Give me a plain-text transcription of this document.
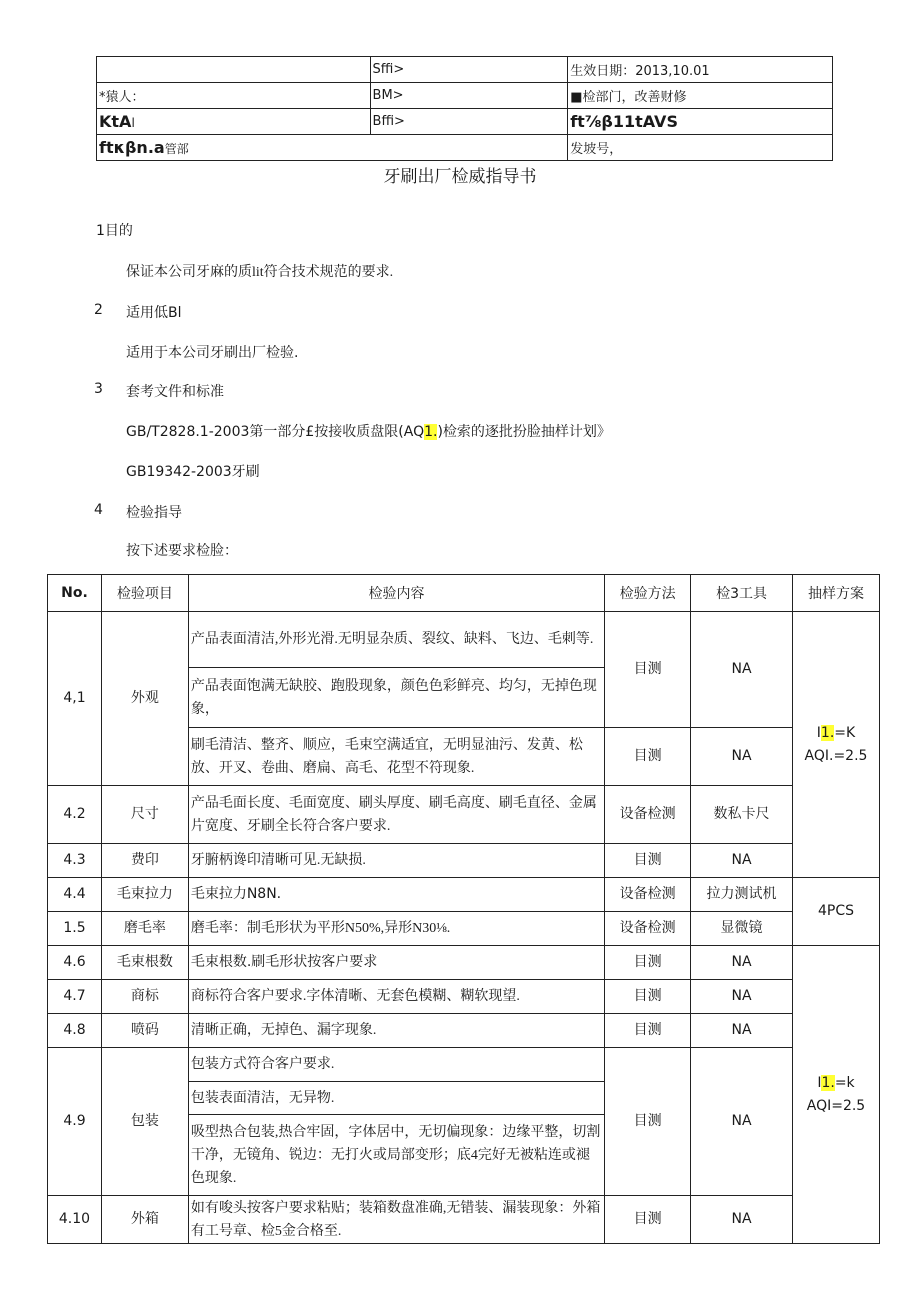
	Sffi>	生效日期：2013,10.01
*猿人：	BM>	■检部门，改善财修
KtAl	Bffi>	ft⅞β11tAVS
ftκβn.a管部		发坡号，
牙刷出厂检威指导书
1目的
保证本公司牙麻的质lit符合技术规范的要求.
2 适用低Bl
适用于本公司牙刷出厂检验.
3 套考文件和标准
GB/T2828.1-2003第一部分£按接收质盘限(AQ1.)检索的逐批扮脸抽样计划》
GB19342-2003牙刷
4 检验指导
按下述要求检脸：
No.	检验项目	检验内容	检验方法	检3工具	抽样方案
4,1	外观	产品表面清洁,外形光滑.无明显杂质、裂纹、缺料、飞边、毛刺等.	目测	NA	I1.=K
AQI.=2.5

		产品表面饱满无缺胶、跑股现象，颜色色彩鲜亮、均匀，无掉色现象，			
		刷毛清洁、整齐、顺应，毛束空满适宜，无明显油污、发黄、松放、开叉、卷曲、磨扁、高毛、花型不符现象.	目测	NA	
4.2	尺寸	产品毛面长度、毛面宽度、刷头厚度、刷毛高度、刷毛直径、金属片宽度、牙刷全长符合客户要求.	设备检测	数私卡尺	
4.3	费印	牙腑柄谗印清晰可见.无缺损.	目测	NA	
4.4	毛束拉力	毛束拉力N8N.	设备检测	拉力测试机	4PCS
1.5	磨毛率	磨毛率：制毛形状为平形N50%,异形N30⅛.	设备检测	显微镜	
4.6	毛束根数	毛束根数.刷毛形状按客户要求	目测	NA	I1.=k
AQI=2.5

4.7	商标	商标符合客户要求.字体清晰、无套色模糊、糊软现望.	目测	NA	
4.8	喷码	清晰正确，无掉色、漏字现象.	目测	NA	
4.9	包装	包装方式符合客户要求.	目测	NA	
		包装表面清洁，无异物.			
		吸型热合包装,热合牢固，字体居中，无切偏现象：边缘平整，切割干净，无镜角、锐边：无打火或局部变形；底4完好无被粘连或褪色现象.			
4.10	外箱	如有唆头按客户要求粘贴；装箱数盘准确,无错装、漏装现象：外箱有工号章、检5金合格至.	目测	NA	
